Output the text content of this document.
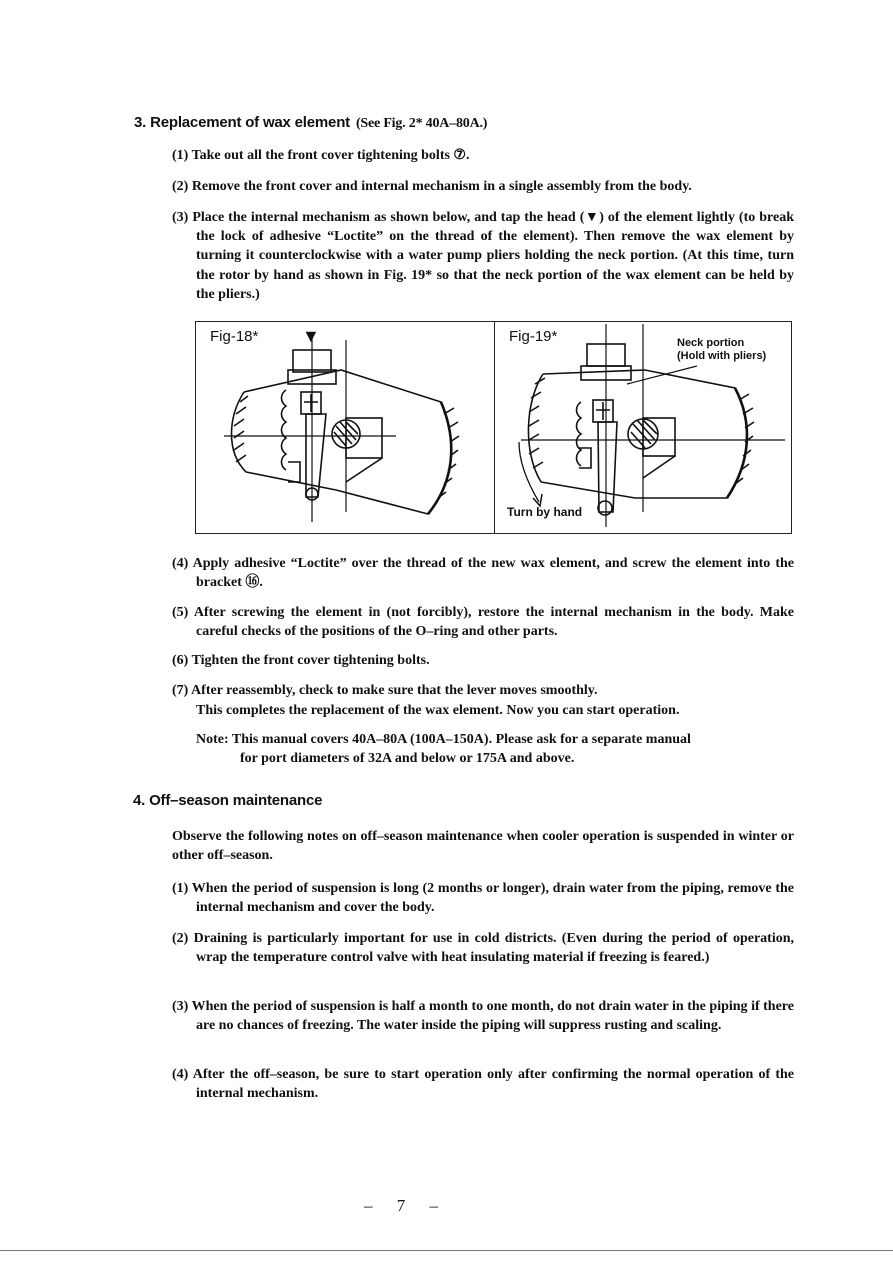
3. Replacement of wax element (See Fig. 2* 40A–80A.)
(1) Take out all the front cover tightening bolts ⑦.
(2) Remove the front cover and internal mechanism in a single assembly from the body.
(3) Place the internal mechanism as shown below, and tap the head (▼) of the element lightly (to break the lock of adhesive “Loctite” on the thread of the element). Then remove the wax element by turning it counterclockwise with a water pump pliers holding the neck portion. (At this time, turn the rotor by hand as shown in Fig. 19* so that the neck portion of the wax element can be held by the pliers.)
Fig-18* ▼	Fig-19*	Neck portion
(Hold with pliers)
Turn by hand
(4) Apply adhesive “Loctite” over the thread of the new wax element, and screw the element into the bracket ⑯.
(5) After screwing the element in (not forcibly), restore the internal mechanism in the body. Make careful checks of the positions of the O–ring and other parts.
(6) Tighten the front cover tightening bolts.
(7) After reassembly, check to make sure that the lever moves smoothly.
This completes the replacement of the wax element. Now you can start operation.
Note: This manual covers 40A–80A (100A–150A). Please ask for a separate manual
for port diameters of 32A and below or 175A and above.
4. Off–season maintenance
Observe the following notes on off–season maintenance when cooler operation is suspended in winter or other off–season.
(1) When the period of suspension is long (2 months or longer), drain water from the piping, remove the internal mechanism and cover the body.
(2) Draining is particularly important for use in cold districts. (Even during the period of operation, wrap the temperature control valve with heat insulating material if freezing is feared.)
(3) When the period of suspension is half a month to one month, do not drain water in the piping if there are no chances of freezing. The water inside the piping will suppress rusting and scaling.
(4) After the off–season, be sure to start operation only after confirming the normal operation of the internal mechanism.
– 7 –
